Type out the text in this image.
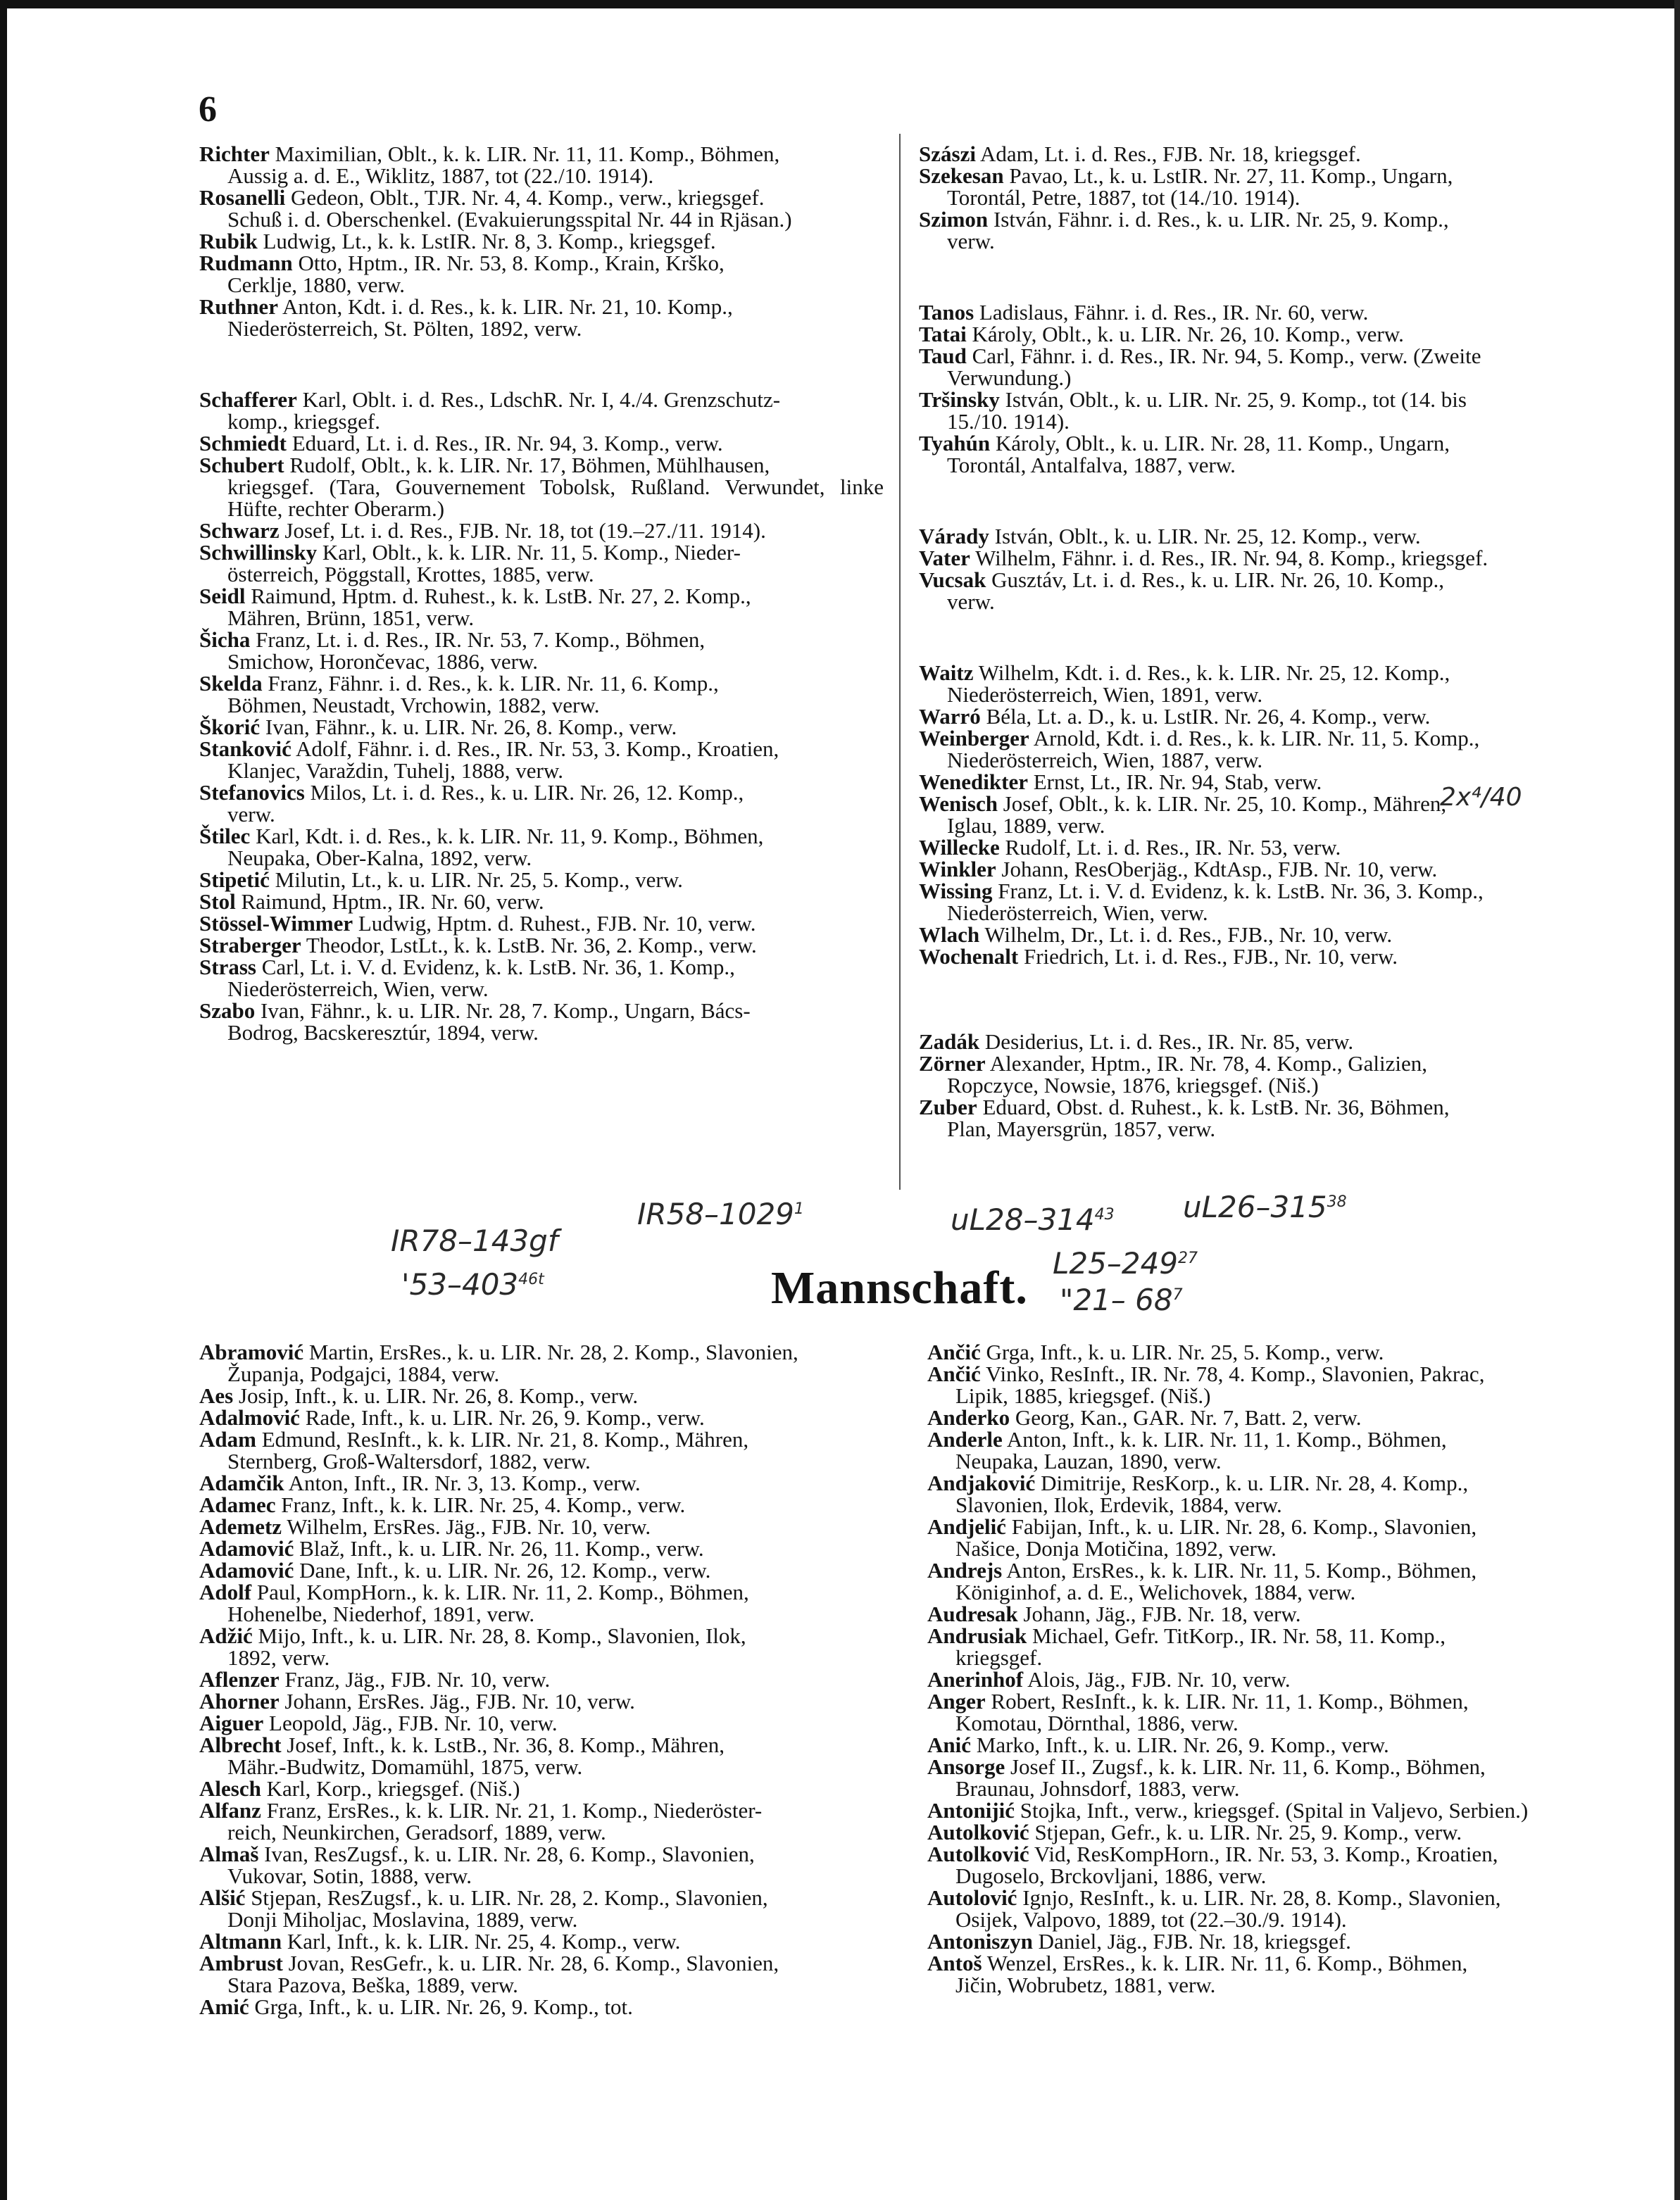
6

Richter Maximilian, Oblt., k. k. LIR. Nr. 11, 11. Komp., Böhmen,
Aussig a. d. E., Wiklitz, 1887, tot (22./10. 1914).

Rosanelli Gedeon, Oblt., TJR. Nr. 4, 4. Komp., verw., kriegsgef.
Schuß i. d. Oberschenkel. (Evakuierungsspital Nr. 44 in Rjäsan.)

Rubik Ludwig, Lt., k. k. LstIR. Nr. 8, 3. Komp., kriegsgef.

Rudmann Otto, Hptm., IR. Nr. 53, 8. Komp., Krain, Krško,
Cerklje, 1880, verw.

Ruthner Anton, Kdt. i. d. Res., k. k. LIR. Nr. 21, 10. Komp.,
Niederösterreich, St. Pölten, 1892, verw.

Schafferer Karl, Oblt. i. d. Res., LdschR. Nr. I, 4./4. Grenzschutz-
komp., kriegsgef.

Schmiedt Eduard, Lt. i. d. Res., IR. Nr. 94, 3. Komp., verw.

Schubert Rudolf, Oblt., k. k. LIR. Nr. 17, Böhmen, Mühlhausen,
kriegsgef. (Tara, Gouvernement Tobolsk, Rußland. Verwundet, linke Hüfte, rechter Oberarm.)

Schwarz Josef, Lt. i. d. Res., FJB. Nr. 18, tot (19.–27./11. 1914).

Schwillinsky Karl, Oblt., k. k. LIR. Nr. 11, 5. Komp., Nieder-
österreich, Pöggstall, Krottes, 1885, verw.

Seidl Raimund, Hptm. d. Ruhest., k. k. LstB. Nr. 27, 2. Komp.,
Mähren, Brünn, 1851, verw.

Šicha Franz, Lt. i. d. Res., IR. Nr. 53, 7. Komp., Böhmen,
Smichow, Horončevac, 1886, verw.

Skelda Franz, Fähnr. i. d. Res., k. k. LIR. Nr. 11, 6. Komp.,
Böhmen, Neustadt, Vrchowin, 1882, verw.

Škorić Ivan, Fähnr., k. u. LIR. Nr. 26, 8. Komp., verw.

Stanković Adolf, Fähnr. i. d. Res., IR. Nr. 53, 3. Komp., Kroatien,
Klanjec, Varaždin, Tuhelj, 1888, verw.

Stefanovics Milos, Lt. i. d. Res., k. u. LIR. Nr. 26, 12. Komp.,
verw.

Štilec Karl, Kdt. i. d. Res., k. k. LIR. Nr. 11, 9. Komp., Böhmen,
Neupaka, Ober-Kalna, 1892, verw.

Stipetić Milutin, Lt., k. u. LIR. Nr. 25, 5. Komp., verw.

Stol Raimund, Hptm., IR. Nr. 60, verw.

Stössel-Wimmer Ludwig, Hptm. d. Ruhest., FJB. Nr. 10, verw.

Straberger Theodor, LstLt., k. k. LstB. Nr. 36, 2. Komp., verw.

Strass Carl, Lt. i. V. d. Evidenz, k. k. LstB. Nr. 36, 1. Komp.,
Niederösterreich, Wien, verw.

Szabo Ivan, Fähnr., k. u. LIR. Nr. 28, 7. Komp., Ungarn, Bács-
Bodrog, Bacskeresztúr, 1894, verw.

Szászi Adam, Lt. i. d. Res., FJB. Nr. 18, kriegsgef.

Szekesan Pavao, Lt., k. u. LstIR. Nr. 27, 11. Komp., Ungarn,
Torontál, Petre, 1887, tot (14./10. 1914).

Szimon István, Fähnr. i. d. Res., k. u. LIR. Nr. 25, 9. Komp.,
verw.

Tanos Ladislaus, Fähnr. i. d. Res., IR. Nr. 60, verw.

Tatai Károly, Oblt., k. u. LIR. Nr. 26, 10. Komp., verw.

Taud Carl, Fähnr. i. d. Res., IR. Nr. 94, 5. Komp., verw. (Zweite
Verwundung.)

Tršinsky István, Oblt., k. u. LIR. Nr. 25, 9. Komp., tot (14. bis
15./10. 1914).

Tyahún Károly, Oblt., k. u. LIR. Nr. 28, 11. Komp., Ungarn,
Torontál, Antalfalva, 1887, verw.

Várady István, Oblt., k. u. LIR. Nr. 25, 12. Komp., verw.

Vater Wilhelm, Fähnr. i. d. Res., IR. Nr. 94, 8. Komp., kriegsgef.

Vucsak Gusztáv, Lt. i. d. Res., k. u. LIR. Nr. 26, 10. Komp.,
verw.

Waitz Wilhelm, Kdt. i. d. Res., k. k. LIR. Nr. 25, 12. Komp.,
Niederösterreich, Wien, 1891, verw.

Warró Béla, Lt. a. D., k. u. LstIR. Nr. 26, 4. Komp., verw.

Weinberger Arnold, Kdt. i. d. Res., k. k. LIR. Nr. 11, 5. Komp.,
Niederösterreich, Wien, 1887, verw.

Wenedikter Ernst, Lt., IR. Nr. 94, Stab, verw.

Wenisch Josef, Oblt., k. k. LIR. Nr. 25, 10. Komp., Mähren,
Iglau, 1889, verw.

Willecke Rudolf, Lt. i. d. Res., IR. Nr. 53, verw.

Winkler Johann, ResOberjäg., KdtAsp., FJB. Nr. 10, verw.

Wissing Franz, Lt. i. V. d. Evidenz, k. k. LstB. Nr. 36, 3. Komp.,
Niederösterreich, Wien, verw.

Wlach Wilhelm, Dr., Lt. i. d. Res., FJB., Nr. 10, verw.

Wochenalt Friedrich, Lt. i. d. Res., FJB., Nr. 10, verw.

Zadák Desiderius, Lt. i. d. Res., IR. Nr. 85, verw.

Zörner Alexander, Hptm., IR. Nr. 78, 4. Komp., Galizien,
Ropczyce, Nowsie, 1876, kriegsgef. (Niš.)

Zuber Eduard, Obst. d. Ruhest., k. k. LstB. Nr. 36, Böhmen,
Plan, Mayersgrün, 1857, verw.

Mannschaft.

Abramović Martin, ErsRes., k. u. LIR. Nr. 28, 2. Komp., Slavonien,
Županja, Podgajci, 1884, verw.

Aes Josip, Inft., k. u. LIR. Nr. 26, 8. Komp., verw.

Adalmović Rade, Inft., k. u. LIR. Nr. 26, 9. Komp., verw.

Adam Edmund, ResInft., k. k. LIR. Nr. 21, 8. Komp., Mähren,
Sternberg, Groß-Waltersdorf, 1882, verw.

Adamčik Anton, Inft., IR. Nr. 3, 13. Komp., verw.

Adamec Franz, Inft., k. k. LIR. Nr. 25, 4. Komp., verw.

Ademetz Wilhelm, ErsRes. Jäg., FJB. Nr. 10, verw.

Adamović Blaž, Inft., k. u. LIR. Nr. 26, 11. Komp., verw.

Adamović Dane, Inft., k. u. LIR. Nr. 26, 12. Komp., verw.

Adolf Paul, KompHorn., k. k. LIR. Nr. 11, 2. Komp., Böhmen,
Hohenelbe, Niederhof, 1891, verw.

Adžić Mijo, Inft., k. u. LIR. Nr. 28, 8. Komp., Slavonien, Ilok,
1892, verw.

Aflenzer Franz, Jäg., FJB. Nr. 10, verw.

Ahorner Johann, ErsRes. Jäg., FJB. Nr. 10, verw.

Aiguer Leopold, Jäg., FJB. Nr. 10, verw.

Albrecht Josef, Inft., k. k. LstB., Nr. 36, 8. Komp., Mähren,
Mähr.-Budwitz, Domamühl, 1875, verw.

Alesch Karl, Korp., kriegsgef. (Niš.)

Alfanz Franz, ErsRes., k. k. LIR. Nr. 21, 1. Komp., Niederöster-
reich, Neunkirchen, Geradsorf, 1889, verw.

Almaš Ivan, ResZugsf., k. u. LIR. Nr. 28, 6. Komp., Slavonien,
Vukovar, Sotin, 1888, verw.

Alšić Stjepan, ResZugsf., k. u. LIR. Nr. 28, 2. Komp., Slavonien,
Donji Miholjac, Moslavina, 1889, verw.

Altmann Karl, Inft., k. k. LIR. Nr. 25, 4. Komp., verw.

Ambrust Jovan, ResGefr., k. u. LIR. Nr. 28, 6. Komp., Slavonien,
Stara Pazova, Beška, 1889, verw.

Amić Grga, Inft., k. u. LIR. Nr. 26, 9. Komp., tot.

Ančić Grga, Inft., k. u. LIR. Nr. 25, 5. Komp., verw.

Ančić Vinko, ResInft., IR. Nr. 78, 4. Komp., Slavonien, Pakrac,
Lipik, 1885, kriegsgef. (Niš.)

Anderko Georg, Kan., GAR. Nr. 7, Batt. 2, verw.

Anderle Anton, Inft., k. k. LIR. Nr. 11, 1. Komp., Böhmen,
Neupaka, Lauzan, 1890, verw.

Andjaković Dimitrije, ResKorp., k. u. LIR. Nr. 28, 4. Komp.,
Slavonien, Ilok, Erdevik, 1884, verw.

Andjelić Fabijan, Inft., k. u. LIR. Nr. 28, 6. Komp., Slavonien,
Našice, Donja Motičina, 1892, verw.

Andrejs Anton, ErsRes., k. k. LIR. Nr. 11, 5. Komp., Böhmen,
Königinhof, a. d. E., Welichovek, 1884, verw.

Audresak Johann, Jäg., FJB. Nr. 18, verw.

Andrusiak Michael, Gefr. TitKorp., IR. Nr. 58, 11. Komp.,
kriegsgef.

Anerinhof Alois, Jäg., FJB. Nr. 10, verw.

Anger Robert, ResInft., k. k. LIR. Nr. 11, 1. Komp., Böhmen,
Komotau, Dörnthal, 1886, verw.

Anić Marko, Inft., k. u. LIR. Nr. 26, 9. Komp., verw.

Ansorge Josef II., Zugsf., k. k. LIR. Nr. 11, 6. Komp., Böhmen,
Braunau, Johnsdorf, 1883, verw.

Antonijić Stojka, Inft., verw., kriegsgef. (Spital in Valjevo, Serbien.)

Autolković Stjepan, Gefr., k. u. LIR. Nr. 25, 9. Komp., verw.

Autolković Vid, ResKompHorn., IR. Nr. 53, 3. Komp., Kroatien,
Dugoselo, Brckovljani, 1886, verw.

Autolović Ignjo, ResInft., k. u. LIR. Nr. 28, 8. Komp., Slavonien,
Osijek, Valpovo, 1889, tot (22.–30./9. 1914).

Antoniszyn Daniel, Jäg., FJB. Nr. 18, kriegsgef.

Antoš Wenzel, ErsRes., k. k. LIR. Nr. 11, 6. Komp., Böhmen,
Jičin, Wobrubetz, 1881, verw.

IR78–143gf
'$53-403^{46t}$
IR58–1029$^1$	$uL28-314^{43}$ $uL26-315^{38}$
$L25-249^{27}$
"21– $68^7$
2x⁴/40
